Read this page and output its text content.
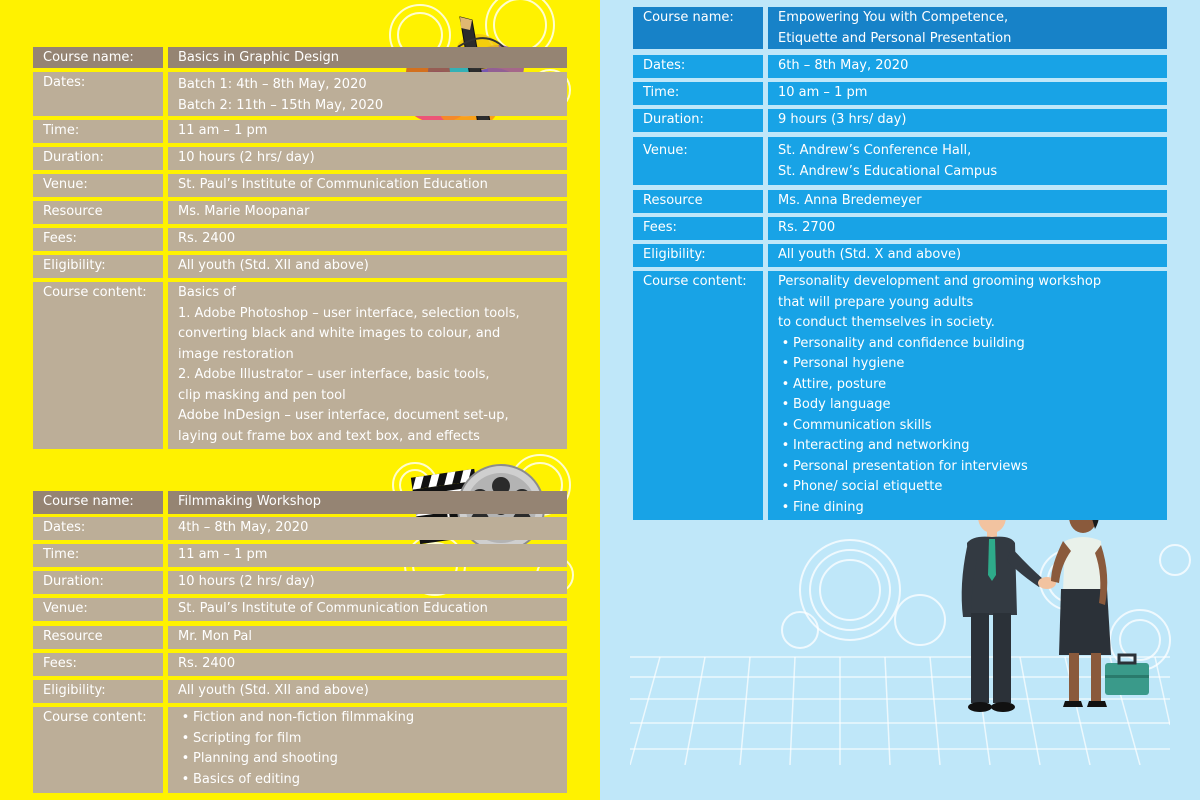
Course name:	Basics in Graphic Design
Dates:	Batch 1: 4th – 8th May, 2020
Batch 2: 11th – 15th May, 2020
Time:	11 am – 1 pm
Duration:	10 hours (2 hrs/ day)
Venue:	St. Paul’s Institute of Communication Education
Resource	Ms. Marie Moopanar
Fees:	Rs. 2400
Eligibility:	All youth (Std. XII and above)
Course content:	Basics of
1. Adobe Photoshop – user interface, selection tools,
converting black and white images to colour, and
image restoration
2. Adobe Illustrator – user interface, basic tools,
clip masking and pen tool
Adobe InDesign – user interface, document set-up,
laying out frame box and text box, and effects
Course name:	Filmmaking Workshop
Dates:	4th – 8th May, 2020
Time:	11 am – 1 pm
Duration:	10 hours (2 hrs/ day)
Venue:	St. Paul’s Institute of Communication Education
Resource	Mr. Mon Pal
Fees:	Rs. 2400
Eligibility:	All youth (Std. XII and above)
Course content:
•	Fiction and non-fiction filmmaking
• Scripting for film
• Planning and shooting
• Basics of editing
Course name:	Empowering You with Competence,
Etiquette and Personal Presentation
Dates:	6th – 8th May, 2020
Time:	10 am – 1 pm
Duration:	9 hours (3 hrs/ day)
Venue:	St. Andrew’s Conference Hall,
St. Andrew’s Educational Campus
Resource	Ms. Anna Bredemeyer
Fees:	Rs. 2700
Eligibility:	All youth (Std. X and above)
Course content:	Personality development and grooming workshop
that will prepare young adults
to conduct themselves in society.
• Personality and confidence building
• Personal hygiene
• Attire, posture
• Body language
• Communication skills
• Interacting and networking
• Personal presentation for interviews
• Phone/ social etiquette
• Fine dining
